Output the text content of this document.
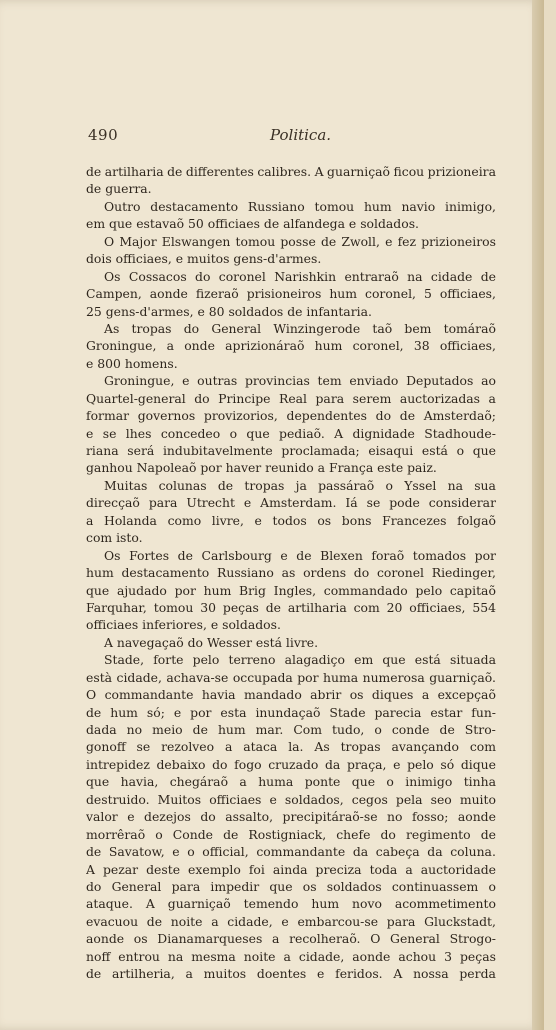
490	Politica.
de artilharia de differentes calibres. A guarniçaõ ficou prizioneira
de guerra.
Outro destacamento Russiano tomou hum navio inimigo,
em que estavaõ 50 officiaes de alfandega e soldados.
O Major Elswangen tomou posse de Zwoll, e fez prizioneiros
dois officiaes, e muitos gens-d'armes.
Os Cossacos do coronel Narishkin entraraõ na cidade de
Campen, aonde fizeraõ prisioneiros hum coronel, 5 officiaes,
25 gens-d'armes, e 80 soldados de infantaria.
As tropas do General Winzingerode taõ bem tomáraõ
Groningue, a onde aprizionáraõ hum coronel, 38 officiaes,
e 800 homens.
Groningue, e outras provincias tem enviado Deputados ao
Quartel-general do Principe Real para serem auctorizadas a
formar governos provizorios, dependentes do de Amsterdaõ;
e se lhes concedeo o que pediaõ. A dignidade Stadhoude-
riana será indubitavelmente proclamada; eisaqui está o que
ganhou Napoleaõ por haver reunido a França este paiz.
Muitas colunas de tropas ja passáraõ o Yssel na sua
direcçaõ para Utrecht e Amsterdam. Iá se pode considerar
a Holanda como livre, e todos os bons Francezes folgaõ
com isto.
Os Fortes de Carlsbourg e de Blexen foraõ tomados por
hum destacamento Russiano as ordens do coronel Riedinger,
que ajudado por hum Brig Ingles, commandado pelo capitaõ
Farquhar, tomou 30 peças de artilharia com 20 officiaes, 554
officiaes inferiores, e soldados.
A navegaçaõ do Wesser está livre.
Stade, forte pelo terreno alagadiço em que está situada
està cidade, achava-se occupada por huma numerosa guarniçaõ.
O commandante havia mandado abrir os diques a excepçaõ
de hum só; e por esta inundaçaõ Stade parecia estar fun-
dada no meio de hum mar. Com tudo, o conde de Stro-
gonoff se rezolveo a ataca la. As tropas avançando com
intrepidez debaixo do fogo cruzado da praça, e pelo só dique
que havia, chegáraõ a huma ponte que o inimigo tinha
destruido. Muitos officiaes e soldados, cegos pela seo muito
valor e dezejos do assalto, precipitáraõ-se no fosso; aonde
morrêraõ o Conde de Rostigniack, chefe do regimento de
de Savatow, e o official, commandante da cabeça da coluna.
A pezar deste exemplo foi ainda preciza toda a auctoridade
do General para impedir que os soldados continuassem o
ataque. A guarniçaõ temendo hum novo acommetimento
evacuou de noite a cidade, e embarcou-se para Gluckstadt,
aonde os Dianamarqueses a recolheraõ. O General Strogo-
noff entrou na mesma noite a cidade, aonde achou 3 peças
de artilheria, a muitos doentes e feridos. A nossa perda
